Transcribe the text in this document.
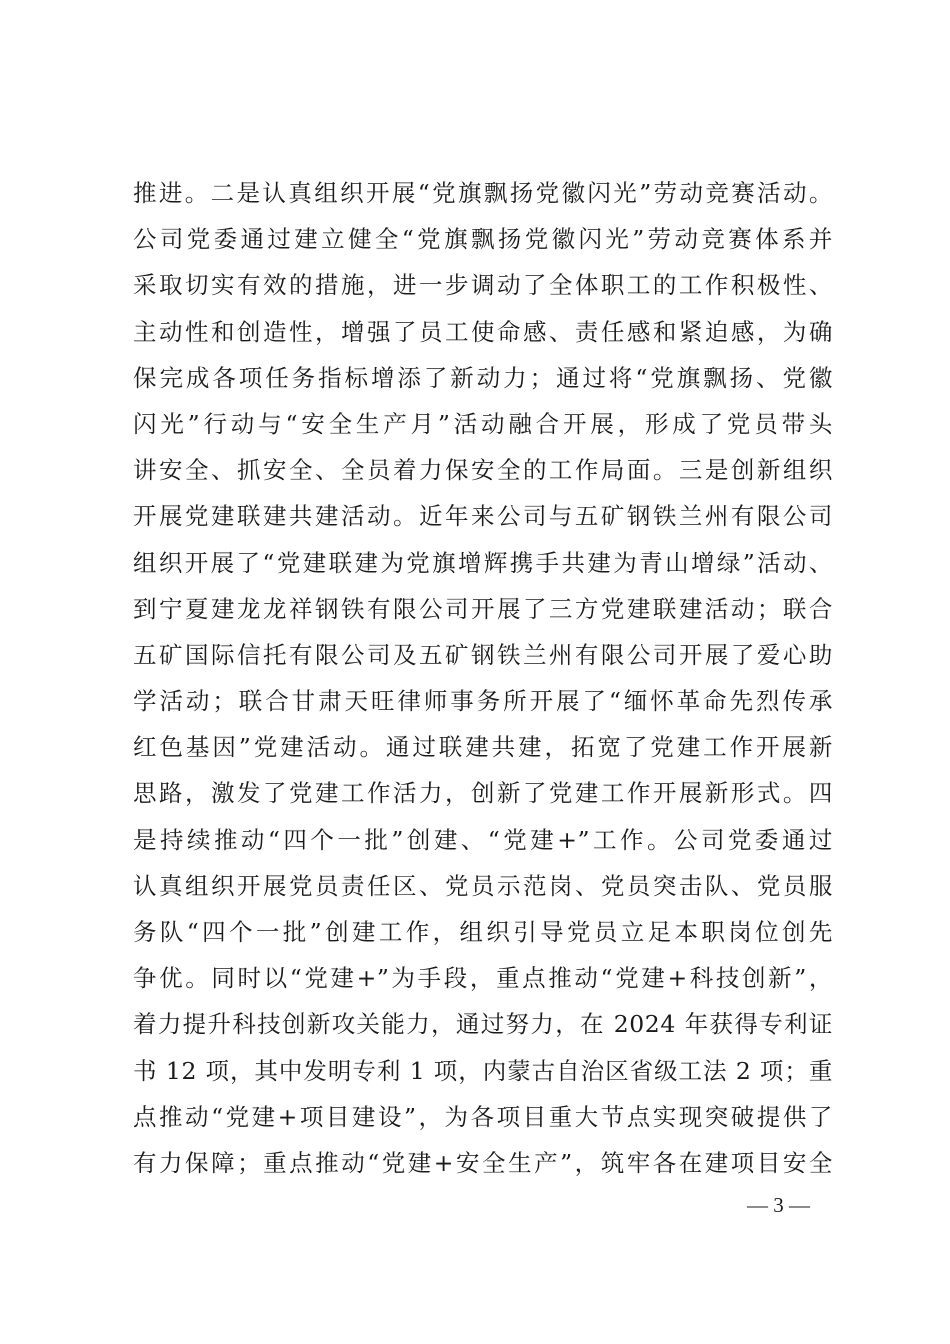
推进。二是认真组织开展“党旗飘扬党徽闪光”劳动竞赛活动。
公司党委通过建立健全“党旗飘扬党徽闪光”劳动竞赛体系并
采取切实有效的措施，进一步调动了全体职工的工作积极性、
主动性和创造性，增强了员工使命感、责任感和紧迫感，为确
保完成各项任务指标增添了新动力；通过将“党旗飘扬、党徽
闪光”行动与“安全生产月”活动融合开展，形成了党员带头
讲安全、抓安全、全员着力保安全的工作局面。三是创新组织
开展党建联建共建活动。近年来公司与五矿钢铁兰州有限公司
组织开展了“党建联建为党旗增辉携手共建为青山增绿”活动、
到宁夏建龙龙祥钢铁有限公司开展了三方党建联建活动；联合
五矿国际信托有限公司及五矿钢铁兰州有限公司开展了爱心助
学活动；联合甘肃天旺律师事务所开展了“缅怀革命先烈传承
红色基因”党建活动。通过联建共建，拓宽了党建工作开展新
思路，激发了党建工作活力，创新了党建工作开展新形式。四
是持续推动“四个一批”创建、“党建+”工作。公司党委通过
认真组织开展党员责任区、党员示范岗、党员突击队、党员服
务队“四个一批”创建工作，组织引导党员立足本职岗位创先
争优。同时以“党建+”为手段，重点推动“党建+科技创新”，
着力提升科技创新攻关能力，通过努力，在 2024 年获得专利证
书 12 项，其中发明专利 1 项，内蒙古自治区省级工法 2 项；重
点推动“党建+项目建设”，为各项目重大节点实现突破提供了
有力保障；重点推动“党建+安全生产”，筑牢各在建项目安全
— 3 —
